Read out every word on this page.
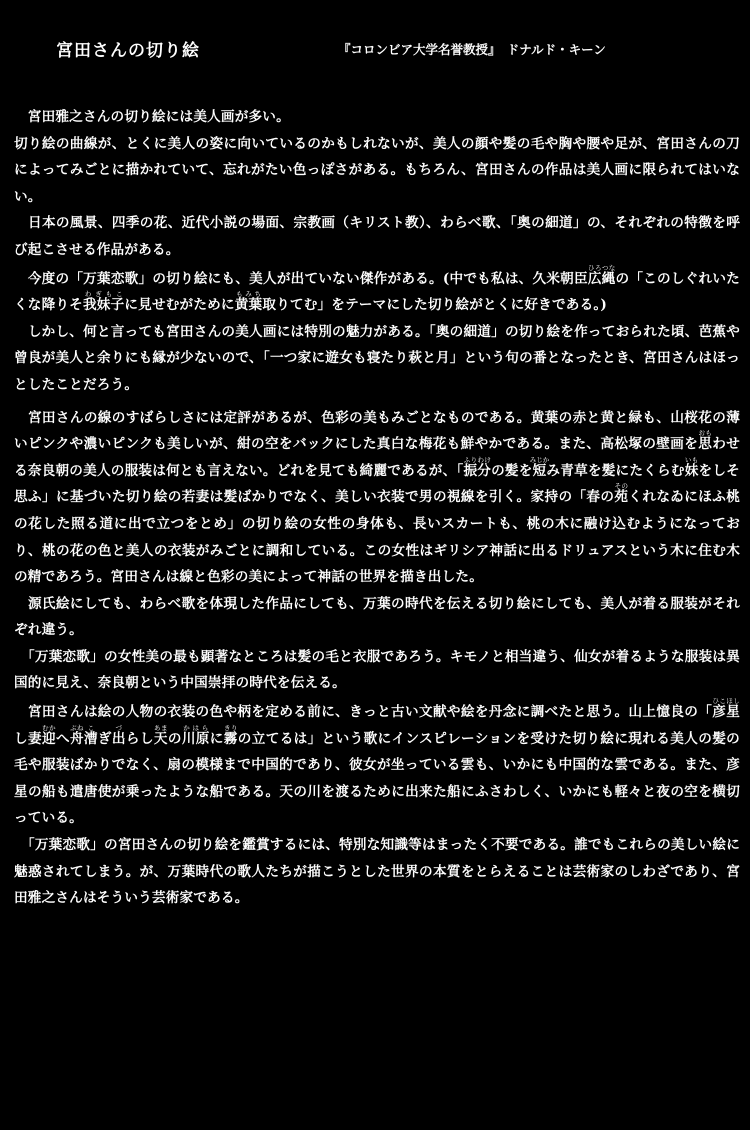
宮田さんの切り絵	『コロンビア大学名誉教授』　ドナルド・キーン

　宮田雅之さんの切り絵には美人画が多い。

切り絵の曲線が、とくに美人の姿に向いているのかもしれないが、美人の顔や髪の毛や胸や腰や足が、宮田さんの刀によってみごとに描かれていて、忘れがたい色っぽさがある。もちろん、宮田さんの作品は美人画に限られてはいない。

　日本の風景、四季の花、近代小説の場面、宗教画（キリスト教）、わらべ歌、「奥の細道」の、それぞれの特徴を呼び起こさせる作品がある。

　今度の「万葉恋歌」の切り絵にも、美人が出ていない傑作がある。(中でも私は、久米朝臣広縄ひろつなの「このしぐれいたくな降りそ我妹子わぎもこに見せむがために黄葉もみち取りてむ」をテーマにした切り絵がとくに好きである。)

　しかし、何と言っても宮田さんの美人画には特別の魅力がある。「奥の細道」の切り絵を作っておられた頃、芭蕉や曾良が美人と余りにも縁が少ないので、「一つ家に遊女も寝たり萩と月」という句の番となったとき、宮田さんはほっとしたことだろう。

　宮田さんの線のすばらしさには定評があるが、色彩の美もみごとなものである。黄葉の赤と黄と緑も、山桜花の薄いピンクや濃いピンクも美しいが、紺の空をバックにした真白な梅花も鮮やかである。また、高松塚の壁画を思おもわせる奈良朝の美人の服装は何とも言えない。どれを見ても綺麗であるが、「振分ふりわけの髪を短みじかみ青草を髪にたくらむ妹いもをしそ思ふ」に基づいた切り絵の若妻は髪ばかりでなく、美しい衣装で男の視線を引く。家持の「春の苑そのくれなゐにほふ桃の花した照る道に出で立つをとめ」の切り絵の女性の身体も、長いスカートも、桃の木に融け込むようになっており、桃の花の色と美人の衣装がみごとに調和している。この女性はギリシア神話に出るドリュアスという木に住む木の精であろう。宮田さんは線と色彩の美によって神話の世界を描き出した。

　源氏絵にしても、わらべ歌を体現した作品にしても、万葉の時代を伝える切り絵にしても、美人が着る服装がそれぞれ違う。

　「万葉恋歌」の女性美の最も顕著なところは髪の毛と衣服であろう。キモノと相当違う、仙女が着るような服装は異国的に見え、奈良朝という中国崇拝の時代を伝える。

　宮田さんは絵の人物の衣装の色や柄を定める前に、きっと古い文献や絵を丹念に調べたと思う。山上憶良の「彦星ひこほしし妻迎むかへ舟ぶね漕こぎ出づらし天あまの川原かはらに霧きりの立てるは」という歌にインスピレーションを受けた切り絵に現れる美人の髪の毛や服装ばかりでなく、扇の模様まで中国的であり、彼女が坐っている雲も、いかにも中国的な雲である。また、彦星の船も遣唐使が乗ったような船である。天の川を渡るために出来た船にふさわしく、いかにも軽々と夜の空を横切っている。

　「万葉恋歌」の宮田さんの切り絵を鑑賞するには、特別な知識等はまったく不要である。誰でもこれらの美しい絵に魅惑されてしまう。が、万葉時代の歌人たちが描こうとした世界の本質をとらえることは芸術家のしわざであり、宮田雅之さんはそういう芸術家である。
